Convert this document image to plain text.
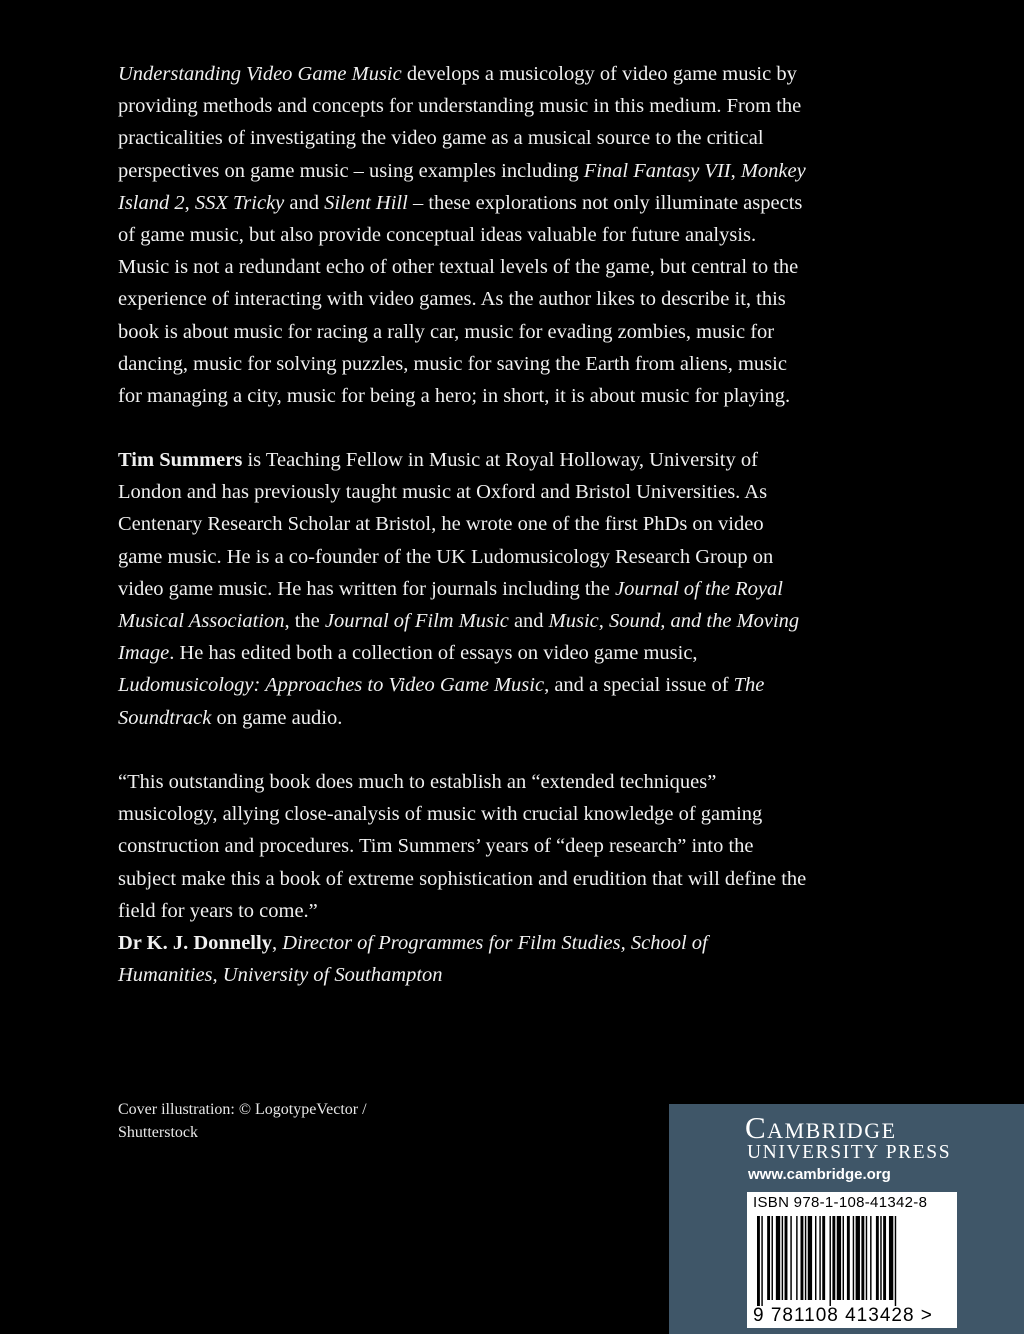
Understanding Video Game Music develops a musicology of video game music by providing methods and concepts for understanding music in this medium. From the practicalities of investigating the video game as a musical source to the critical perspectives on game music – using examples including Final Fantasy VII, Monkey Island 2, SSX Tricky and Silent Hill – these explorations not only illuminate aspects of game music, but also provide conceptual ideas valuable for future analysis. Music is not a redundant echo of other textual levels of the game, but central to the experience of interacting with video games. As the author likes to describe it, this book is about music for racing a rally car, music for evading zombies, music for dancing, music for solving puzzles, music for saving the Earth from aliens, music for managing a city, music for being a hero; in short, it is about music for playing.

Tim Summers is Teaching Fellow in Music at Royal Holloway, University of London and has previously taught music at Oxford and Bristol Universities. As Centenary Research Scholar at Bristol, he wrote one of the first PhDs on video game music. He is a co-founder of the UK Ludomusicology Research Group on video game music. He has written for journals including the Journal of the Royal Musical Association, the Journal of Film Music and Music, Sound, and the Moving Image. He has edited both a collection of essays on video game music, Ludomusicology: Approaches to Video Game Music, and a special issue of The Soundtrack on game audio.

“This outstanding book does much to establish an “extended techniques” musicology, allying close-analysis of music with crucial knowledge of gaming construction and procedures. Tim Summers’ years of “deep research” into the subject make this a book of extreme sophistication and erudition that will define the field for years to come.”

Dr K. J. Donnelly, Director of Programmes for Film Studies, School of Humanities, University of Southampton

Cover illustration: © LogotypeVector /
Shutterstock	Cambridge
UNIVERSITY PRESS
www.cambridge.org
ISBN 978-1-108-41342-8
9 781108 413428 >
